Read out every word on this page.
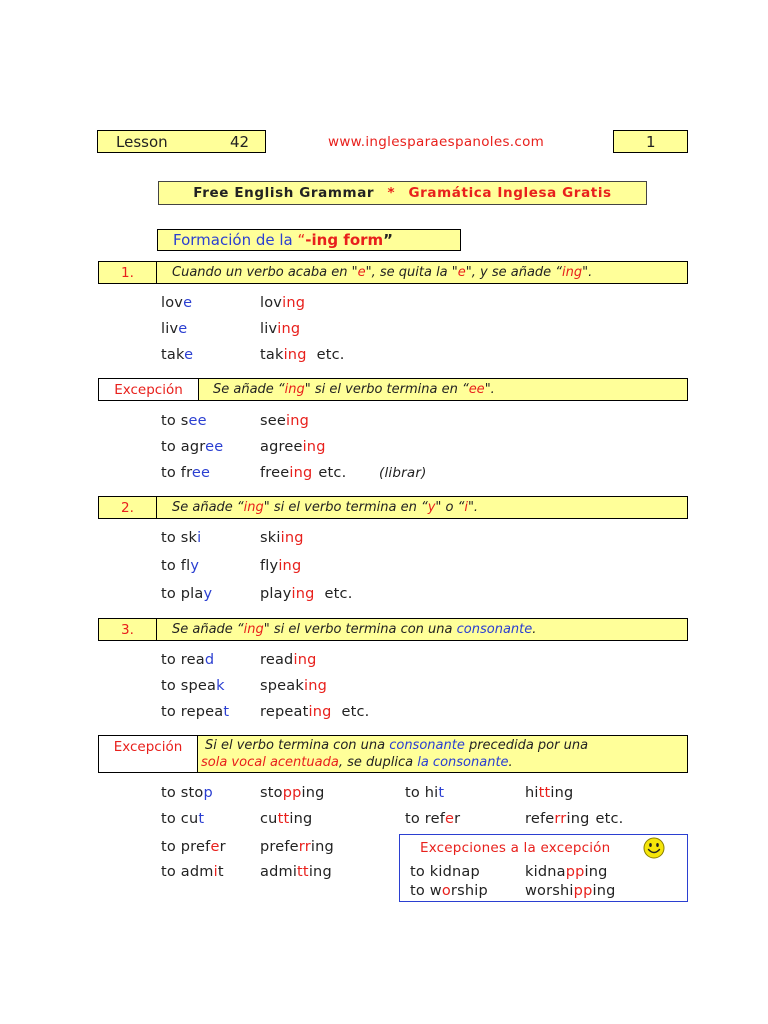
Lesson	42	www.inglesparaespanoles.com	1
Free English Grammar * Gramática Inglesa Gratis
Formación de la “-ing form”
1.	Cuando un verbo acaba en "e", se quita la "e", y se añade “ing".
love	loving
live	living
take	taking etc.
Excepción Se añade “ing" si el verbo termina en “ee".
to see	seeing
to agree	agreeing
to free	freeing etc. (librar)
2.	Se añade “ing" si el verbo termina en “y" o “i".
to ski	skiing
to fly	flying
to play	playing etc.
3.	Se añade “ing" si el verbo termina con una consonante.
to read	reading
to speak speaking
to repeat repeating etc.
Excepción Si el verbo termina con una consonante precedida por una
sola vocal acentuada, se duplica la consonante.
to stop	stopping	to hit	hitting
to cut	cutting	to refer	referring etc.
to prefer preferring
to admit	admitting
Excepciones a la excepción
to kidnap	kidnapping
to worship	worshipping
